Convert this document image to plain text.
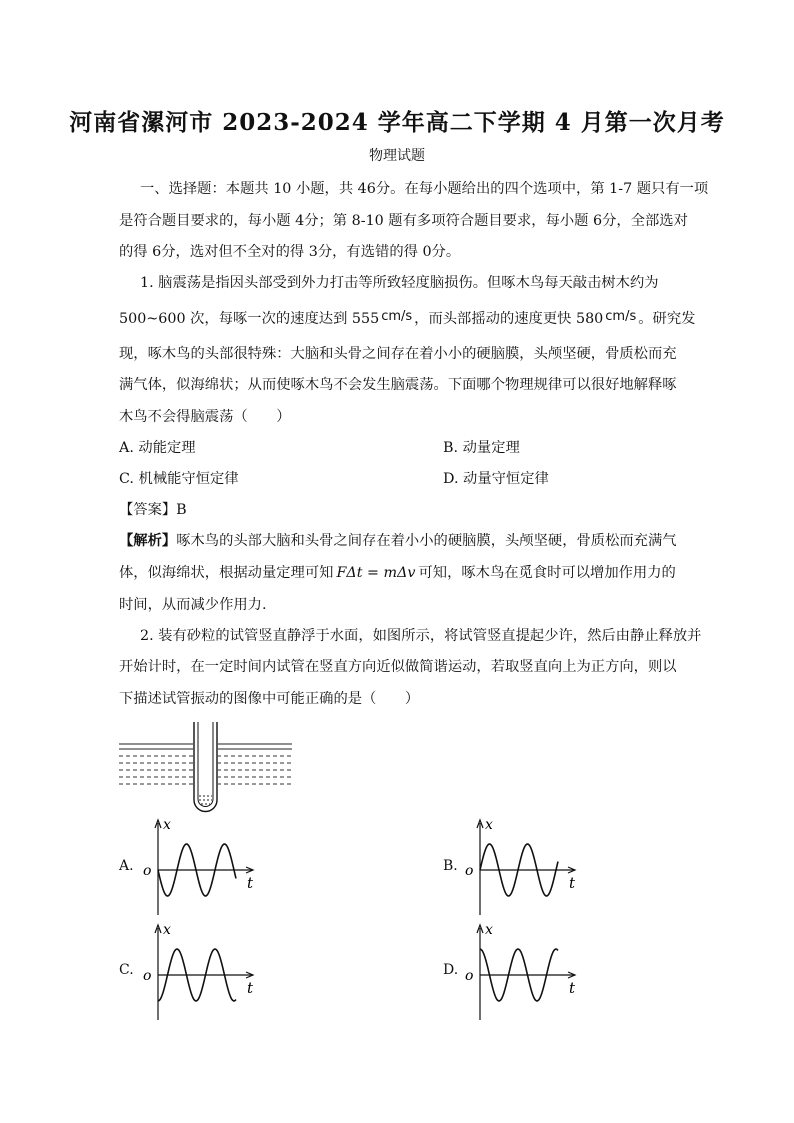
河南省漯河市 2023-2024 学年高二下学期 4 月第一次月考
物理试题
一、选择题：本题共 10 小题，共 46分。在每小题给出的四个选项中，第 1-7 题只有一项
是符合题目要求的，每小题 4分；第 8-10 题有多项符合题目要求，每小题 6分，全部选对
的得 6分，选对但不全对的得 3分，有选错的得 0分。
1. 脑震荡是指因头部受到外力打击等所致轻度脑损伤。但啄木鸟每天敲击树木约为
500~600 次，每啄一次的速度达到 555 cm/s ，而头部摇动的速度更快 580 cm/s 。研究发
现，啄木鸟的头部很特殊：大脑和头骨之间存在着小小的硬脑膜，头颅坚硬，骨质松而充
满气体，似海绵状；从而使啄木鸟不会发生脑震荡。下面哪个物理规律可以很好地解释啄
木鸟不会得脑震荡（　　）
A. 动能定理	B. 动量定理
C. 机械能守恒定律	D. 动量守恒定律
【答案】B
【解析】啄木鸟的头部大脑和头骨之间存在着小小的硬脑膜，头颅坚硬，骨质松而充满气
体，似海绵状，根据动量定理可知 FΔt = mΔv 可知，啄木鸟在觅食时可以增加作用力的
时间，从而减少作用力.
2. 装有砂粒的试管竖直静浮于水面，如图所示，将试管竖直提起少许，然后由静止释放并
开始计时，在一定时间内试管在竖直方向近似做简谐运动，若取竖直向上为正方向，则以
下描述试管振动的图像中可能正确的是（　　）
A.
x
t
o	B.
x
t
o
C.
x
t
o	D.
x
t
o
